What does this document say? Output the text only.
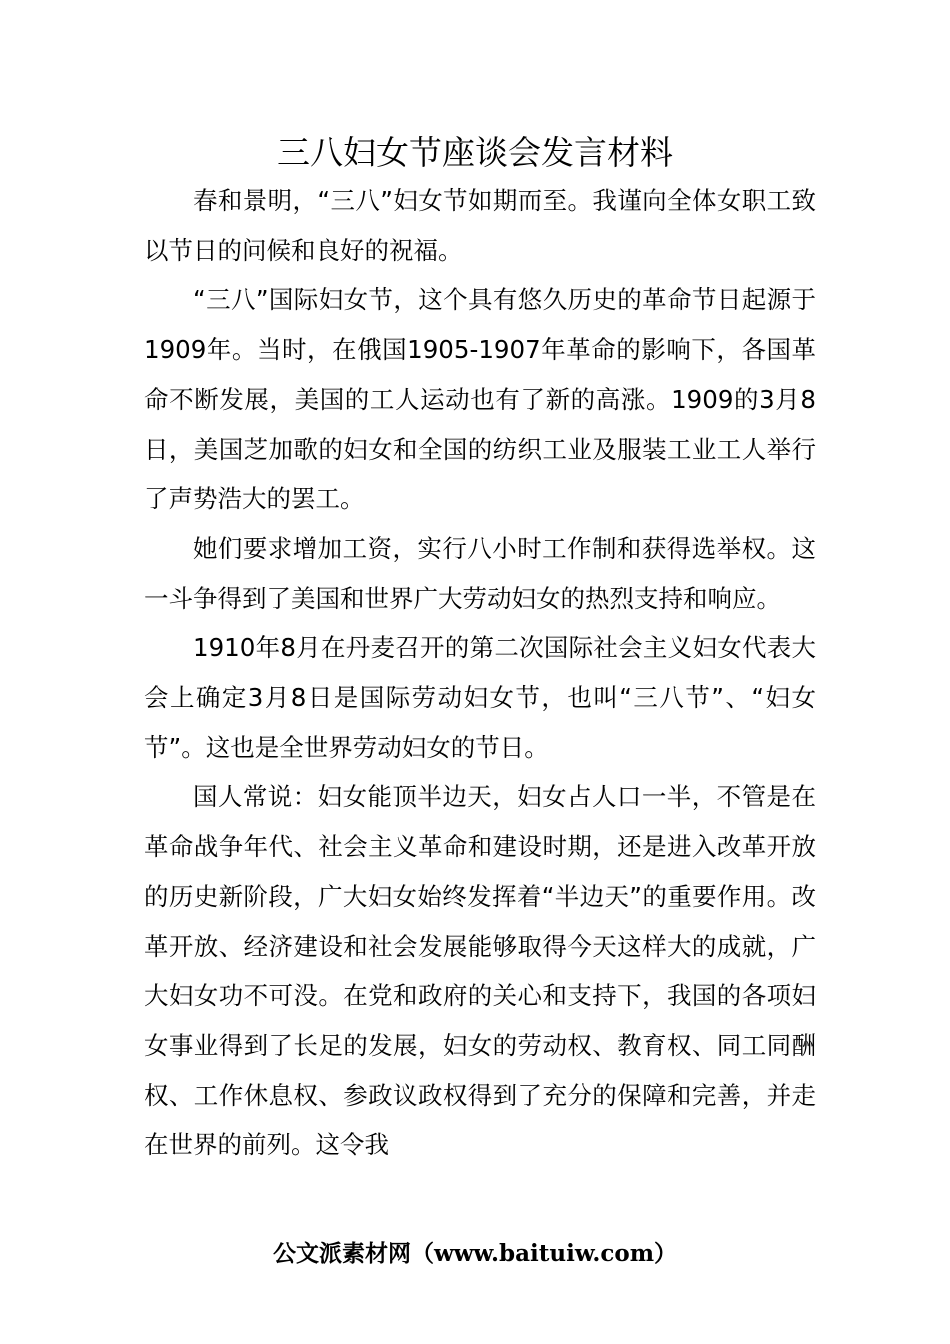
三八妇女节座谈会发言材料

春和景明，“三八”妇女节如期而至。我谨向全体女职工致以节日的问候和良好的祝福。

“三八”国际妇女节，这个具有悠久历史的革命节日起源于1909年。当时，在俄国1905-1907年革命的影响下，各国革命不断发展，美国的工人运动也有了新的高涨。1909的3月8日，美国芝加歌的妇女和全国的纺织工业及服装工业工人举行了声势浩大的罢工。

她们要求增加工资，实行八小时工作制和获得选举权。这一斗争得到了美国和世界广大劳动妇女的热烈支持和响应。

1910年8月在丹麦召开的第二次国际社会主义妇女代表大会上确定3月8日是国际劳动妇女节，也叫“三八节”、“妇女节”。这也是全世界劳动妇女的节日。

国人常说：妇女能顶半边天，妇女占人口一半，不管是在革命战争年代、社会主义革命和建设时期，还是进入改革开放的历史新阶段，广大妇女始终发挥着“半边天”的重要作用。改革开放、经济建设和社会发展能够取得今天这样大的成就，广大妇女功不可没。在党和政府的关心和支持下，我国的各项妇女事业得到了长足的发展，妇女的劳动权、教育权、同工同酬权、工作休息权、参政议政权得到了充分的保障和完善，并走在世界的前列。这令我

公文派素材网（www.baituiw.com）
